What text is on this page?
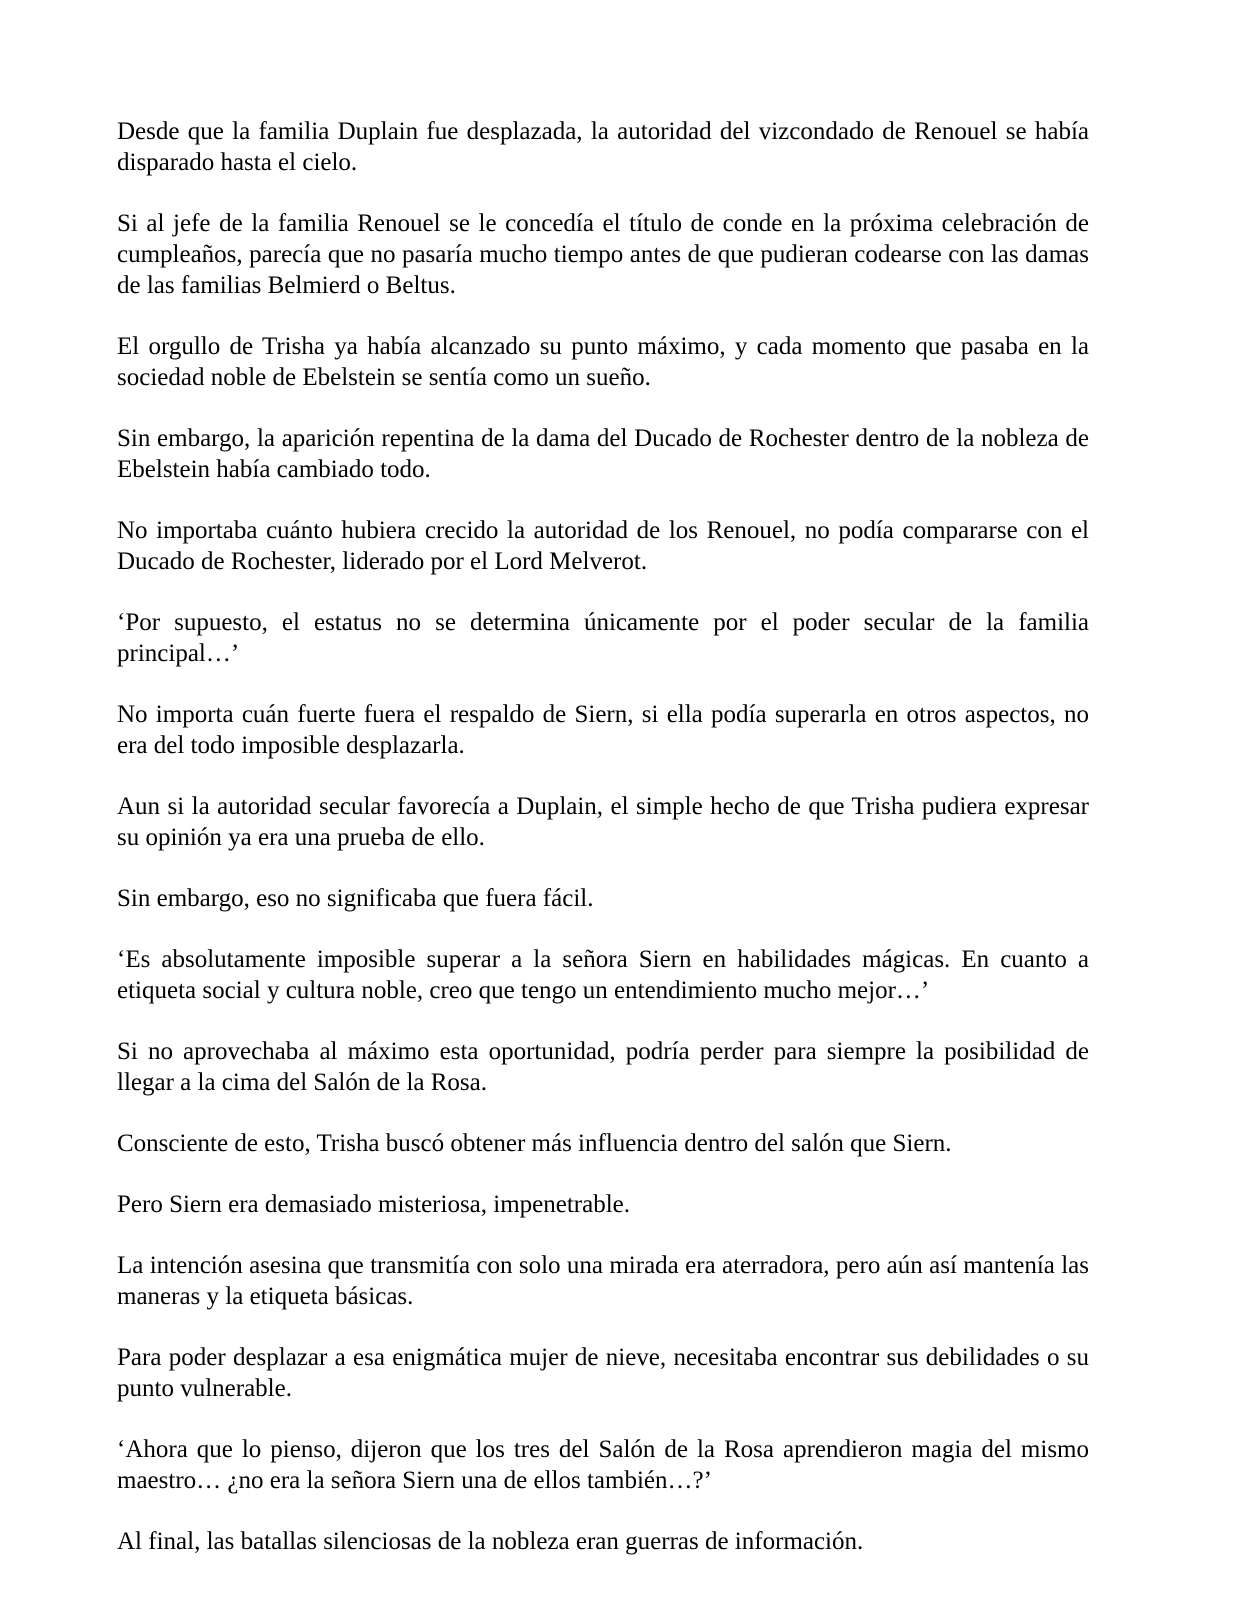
Desde que la familia Duplain fue desplazada, la autoridad del vizcondado de Renouel se había disparado hasta el cielo.

Si al jefe de la familia Renouel se le concedía el título de conde en la próxima celebración de cumpleaños, parecía que no pasaría mucho tiempo antes de que pudieran codearse con las damas de las familias Belmierd o Beltus.

El orgullo de Trisha ya había alcanzado su punto máximo, y cada momento que pasaba en la sociedad noble de Ebelstein se sentía como un sueño.

Sin embargo, la aparición repentina de la dama del Ducado de Rochester dentro de la nobleza de Ebelstein había cambiado todo.

No importaba cuánto hubiera crecido la autoridad de los Renouel, no podía compararse con el Ducado de Rochester, liderado por el Lord Melverot.

‘Por supuesto, el estatus no se determina únicamente por el poder secular de la familia principal…’

No importa cuán fuerte fuera el respaldo de Siern, si ella podía superarla en otros aspectos, no era del todo imposible desplazarla.

Aun si la autoridad secular favorecía a Duplain, el simple hecho de que Trisha pudiera expresar su opinión ya era una prueba de ello.

Sin embargo, eso no significaba que fuera fácil.

‘Es absolutamente imposible superar a la señora Siern en habilidades mágicas. En cuanto a etiqueta social y cultura noble, creo que tengo un entendimiento mucho mejor…’

Si no aprovechaba al máximo esta oportunidad, podría perder para siempre la posibilidad de llegar a la cima del Salón de la Rosa.

Consciente de esto, Trisha buscó obtener más influencia dentro del salón que Siern.

Pero Siern era demasiado misteriosa, impenetrable.

La intención asesina que transmitía con solo una mirada era aterradora, pero aún así mantenía las maneras y la etiqueta básicas.

Para poder desplazar a esa enigmática mujer de nieve, necesitaba encontrar sus debilidades o su punto vulnerable.

‘Ahora que lo pienso, dijeron que los tres del Salón de la Rosa aprendieron magia del mismo maestro… ¿no era la señora Siern una de ellos también…?’

Al final, las batallas silenciosas de la nobleza eran guerras de información.
